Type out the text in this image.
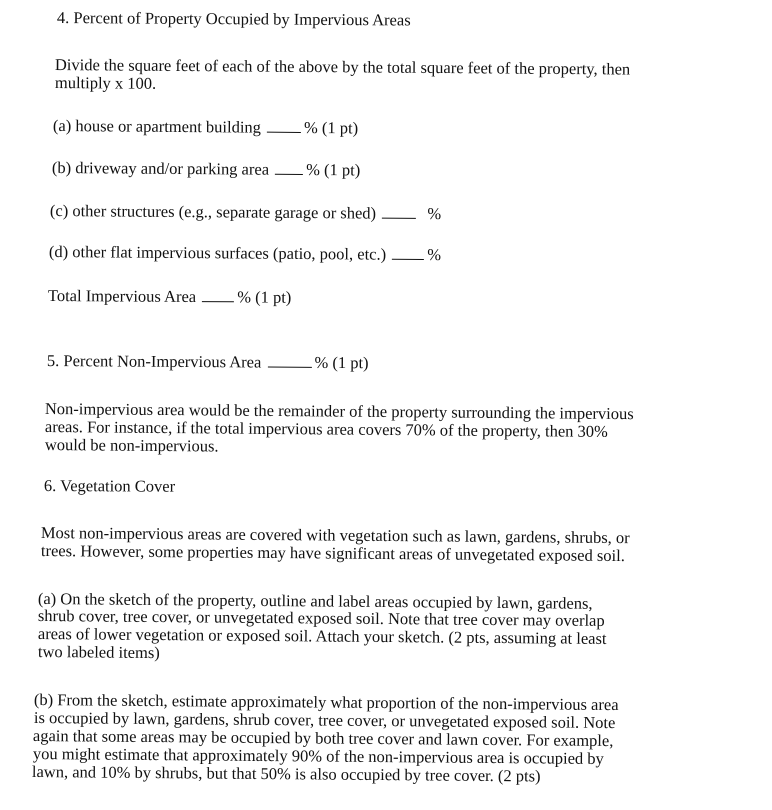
4. Percent of Property Occupied by Impervious Areas
Divide the square feet of each of the above by the total square feet of the property, then
multiply x 100.
(a) house or apartment building	% (1 pt)
(b) driveway and/or parking area % (1 pt)
(c) other structures (e.g., separate garage or shed)	%
(d) other flat impervious surfaces (patio, pool, etc.) %
Total Impervious Area % (1 pt)
5. Percent Non-Impervious Area	% (1 pt)
Non-impervious area would be the remainder of the property surrounding the impervious
areas. For instance, if the total impervious area covers 70% of the property, then 30%
would be non-impervious.
6. Vegetation Cover
Most non-impervious areas are covered with vegetation such as lawn, gardens, shrubs, or
trees. However, some properties may have significant areas of unvegetated exposed soil.
(a) On the sketch of the property, outline and label areas occupied by lawn, gardens,
shrub cover, tree cover, or unvegetated exposed soil. Note that tree cover may overlap
areas of lower vegetation or exposed soil. Attach your sketch. (2 pts, assuming at least
two labeled items)
(b) From the sketch, estimate approximately what proportion of the non-impervious area
is occupied by lawn, gardens, shrub cover, tree cover, or unvegetated exposed soil. Note
again that some areas may be occupied by both tree cover and lawn cover. For example,
you might estimate that approximately 90% of the non-impervious area is occupied by
lawn, and 10% by shrubs, but that 50% is also occupied by tree cover. (2 pts)
